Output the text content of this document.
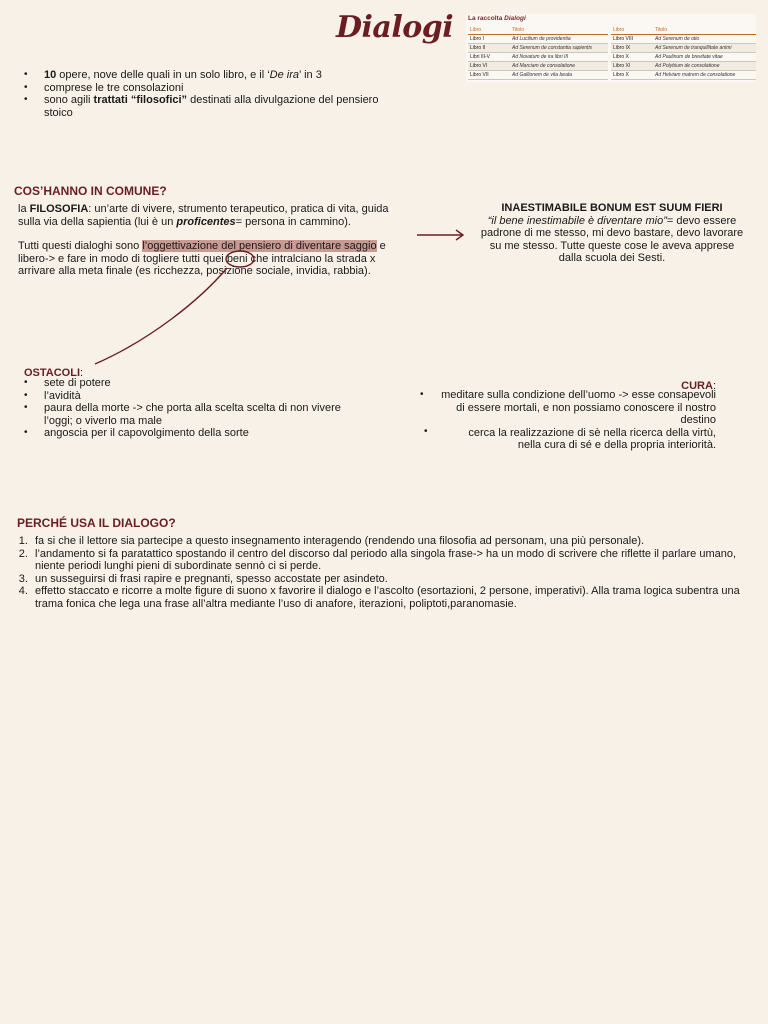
Dialogi La raccolta Dialogi
Libro	Titolo
Libro I	Ad Lucilium de providentia
Libro II	Ad Serenum de constantia sapientis
Libri III-V	Ad Novatum de ira libri III
Libro VI	Ad Marciam de consolatione
Libro VII	Ad Gallionem de vita beata
Libro	Titolo
Libro VIII	Ad Serenum de otio
Libro IX	Ad Serenum de tranquillitate animi
Libro X	Ad Paulinum de brevitate vitae
Libro XI	Ad Polybium de consolatione
Libro X	Ad Helviam matrem de consolatione
• 10 opere, nove delle quali in un solo libro, e il ‘De ira’ in 3
• comprese le tre consolazioni
• sono agili trattati “filosofici” destinati alla divulgazione del pensiero stoico
COS’HANNO IN COMUNE?
la FILOSOFIA: un’arte di vivere, strumento terapeutico, pratica di vita, guida sulla via della sapientia (lui è un proficentes= persona in cammino).
Tutti questi dialoghi sono l’oggettivazione del pensiero di diventare saggio e libero-> e fare in modo di togliere tutti quei beni che intralciano la strada x arrivare alla meta finale (es ricchezza, posizione sociale, invidia, rabbia).
INAESTIMABILE BONUM EST SUUM FIERI
“il bene inestimabile è diventare mio”= devo essere padrone di me stesso, mi devo bastare, devo lavorare su me stesso. Tutte queste cose le aveva apprese dalla scuola dei Sesti.
OSTACOLI:
• sete di potere
• l’avidità
• paura della morte -> che porta alla scelta scelta di non vivere l’oggi; o viverlo ma male
• angoscia per il capovolgimento della sorte
CURA:
•
•
meditare sulla condizione dell’uomo -> esse consapevoli di essere mortali, e non possiamo conoscere il nostro destino
cerca la realizzazione di sè nella ricerca della virtù, nella cura di sé e della propria interiorità.
PERCHÉ USA IL DIALOGO?
1. fa si che il lettore sia partecipe a questo insegnamento interagendo (rendendo una filosofia ad personam, una più personale).
2. l’andamento si fa paratattico spostando il centro del discorso dal periodo alla singola frase-> ha un modo di scrivere che riflette il parlare umano, niente periodi lunghi pieni di subordinate sennò ci si perde.
3. un susseguirsi di frasi rapire e pregnanti, spesso accostate per asindeto.
4. effetto staccato e ricorre a molte figure di suono x favorire il dialogo e l’ascolto (esortazioni, 2 persone, imperativi). Alla trama logica subentra una trama fonica che lega una frase all’altra mediante l’uso di anafore, iterazioni, poliptoti,paranomasie.
